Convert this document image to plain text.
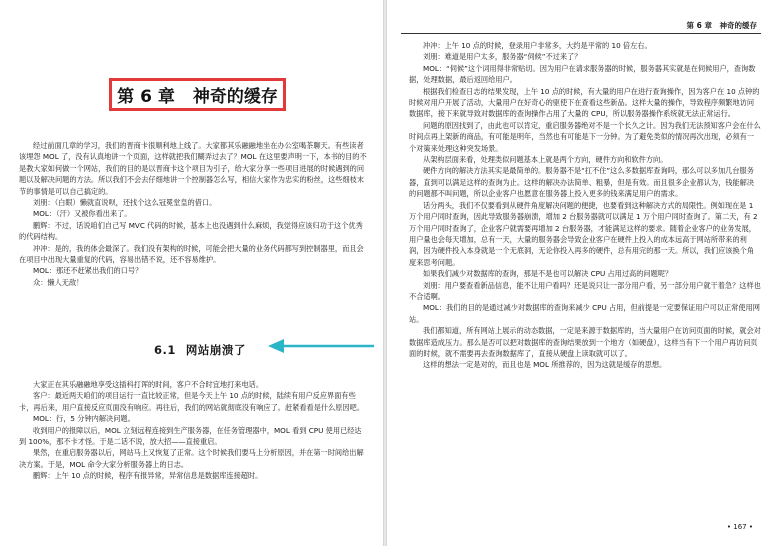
第 6 章 神奇的缓存

经过前面几章的学习，我们的晋商卡很顺利地上线了。大家都其乐融融地坐在办公室喝茶聊天。有些读者该埋怨 MOL 了，没有认真地讲一个页面，这样就把我们糊弄过去了？MOL 在这里要声明一下，本书的目的不是教大家如何做一个网站，我们的目的是以晋商卡这个项目为引子，给大家分享一些项目进展的时候遇到的问题以及解决问题的方法。所以我们不会去仔细地讲一个控制器怎么写，相信大家作为忠实的粉丝，这些细枝末节的事情是可以自己搞定的。

刘朋：（白眼）懒就直说呗，还找个这么冠冕堂皇的借口。

MOL：（汗）又被你看出来了。

鹏辉：不过，话说咱们自己写 MVC 代码的时候，基本上也没遇到什么麻烦，我觉得应该归功于这个优秀的代码结构。

冲冲：是的，我的体会最深了。我们没有架构的时候，可能会把大量的业务代码都写到控制器里，而且会在项目中出现大量重复的代码，容易出错不说，还不容易维护。

MOL：那还不赶紧出我们的口号？

众：懒人无敌！

6.1 网站崩溃了

大家正在其乐融融地享受这插科打诨的时间，客户不合时宜地打来电话。

客户：最近两天咱们的项目运行一直比较正常，但是今天上午 10 点的时候，陆续有用户反应界面有些卡，再后来，用户直接反应页面没有响应。再往后，我们的网站就彻底没有响应了。赶紧看看是什么原因吧。

MOL：行，5 分钟内解决问题。

收到用户的报障以后，MOL 立刻远程连接到生产服务器，在任务管理器中，MOL 看到 CPU 使用已经达到 100%，那不卡才怪。于是二话不说，放大招——直接重启。

果然，在重启服务器以后，网站马上又恢复了正常。这个时候我们要马上分析原因，并在第一时间给出解决方案。于是，MOL 命令大家分析服务器上的日志。

鹏辉：上午 10 点的时候，程序有报异常，异常信息是数据库连接超时。

第 6 章　神奇的缓存

冲冲：上午 10 点的时候，登录用户非常多，大约是平常的 10 倍左右。

刘朋：难道是用户太多，服务器“伺候”不过来了？

MOL：“伺候”这个词用得非常贴切。因为用户在请求服务器的时候，服务器其实就是在伺候用户，查询数据，处理数据，最后返回给用户。

根据我们检查日志的结果发现，上午 10 点的时候，有大量的用户在进行查询操作，因为客户在 10 点钟的时候对用户开展了活动，大量用户在好奇心的驱使下在查看这些新品。这样大量的操作，导致程序频繁地访问数据库，接下来就导致对数据库的查询操作占用了大量的 CPU，所以服务器操作系统就无法正常运行。

问题的原因找到了，由此也可以肯定，重启服务器绝对不是一个长久之计。因为我们无法预知客户会在什么时间点再上架新的商品，有可能是明年，当然也有可能是下一分钟。为了避免类似的情况再次出现，必须有一个对策来处理这种突发场景。

从架构层面来看，处理类似问题基本上就是两个方向，硬件方向和软件方向。

硬件方向的解决方法其实是最简单的。服务器不是“扛不住”这么多数据库查询吗，那么可以多加几台服务器，直到可以满足这样的查询为止。这样的解决办法简单、粗暴，但是有效。而且很多企业都认为，钱能解决的问题都不叫问题，所以企业客户也愿意在服务器上投入更多的钱来满足用户的需求。

话分两头，我们不仅要看到从硬件角度解决问题的便捷，也要看到这种解决方式的局限性。例如现在是 1 万个用户同时查询，因此导致服务器崩溃，增加 2 台服务器就可以满足 1 万个用户同时查询了。第二天，有 2 万个用户同时查询了，企业客户就需要再增加 2 台服务器，才能满足这样的要求。随着企业客户的业务发展，用户量也会每天增加，总有一天，大量的服务器会导致企业客户在硬件上投入的成本远高于网站所带来的利润，因为硬件投入本身就是一个无底洞，无论你投入再多的硬件，总有用完的那一天。所以，我们应该换个角度来思考问题。

如果我们减少对数据库的查询，那是不是也可以解决 CPU 占用过高的问题呢？

刘朋：用户要查看新品信息，能不让用户看吗？还是说只让一部分用户看，另一部分用户就干着急？这样也不合适啊。

MOL：我们的目的是通过减少对数据库的查询来减少 CPU 占用，但前提是一定要保证用户可以正常使用网站。

我们都知道，所有网站上展示的动态数据，一定是来源于数据库的，当大量用户在访问页面的时候，就会对数据库造成压力。那么是否可以把对数据库的查询结果放到一个地方（如硬盘），这样当有下一个用户再访问页面的时候，就不需要再去查询数据库了，直接从硬盘上读取就可以了。

这样的想法一定是对的，而且也是 MOL 所推荐的，因为这就是缓存的思想。

• 167 •
